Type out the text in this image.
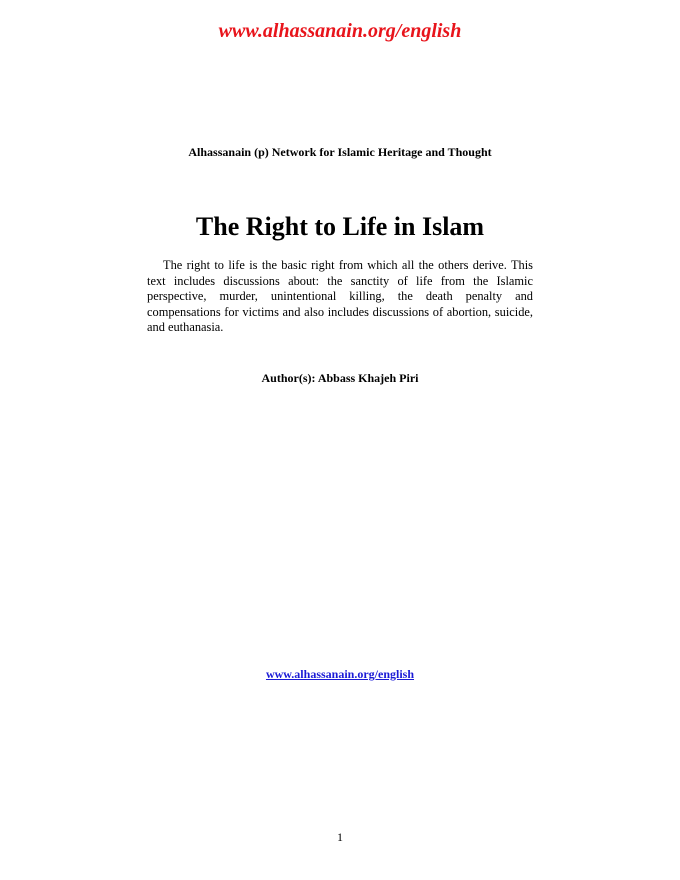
www.alhassanain.org/english
Alhassanain (p) Network for Islamic Heritage and Thought
The Right to Life in Islam

The right to life is the basic right from which all the others derive. This text includes discussions about: the sanctity of life from the Islamic perspective, murder, unintentional killing, the death penalty and compensations for victims and also includes discussions of abortion, suicide, and euthanasia.

Author(s): Abbass Khajeh Piri
www.alhassanain.org/english
1
